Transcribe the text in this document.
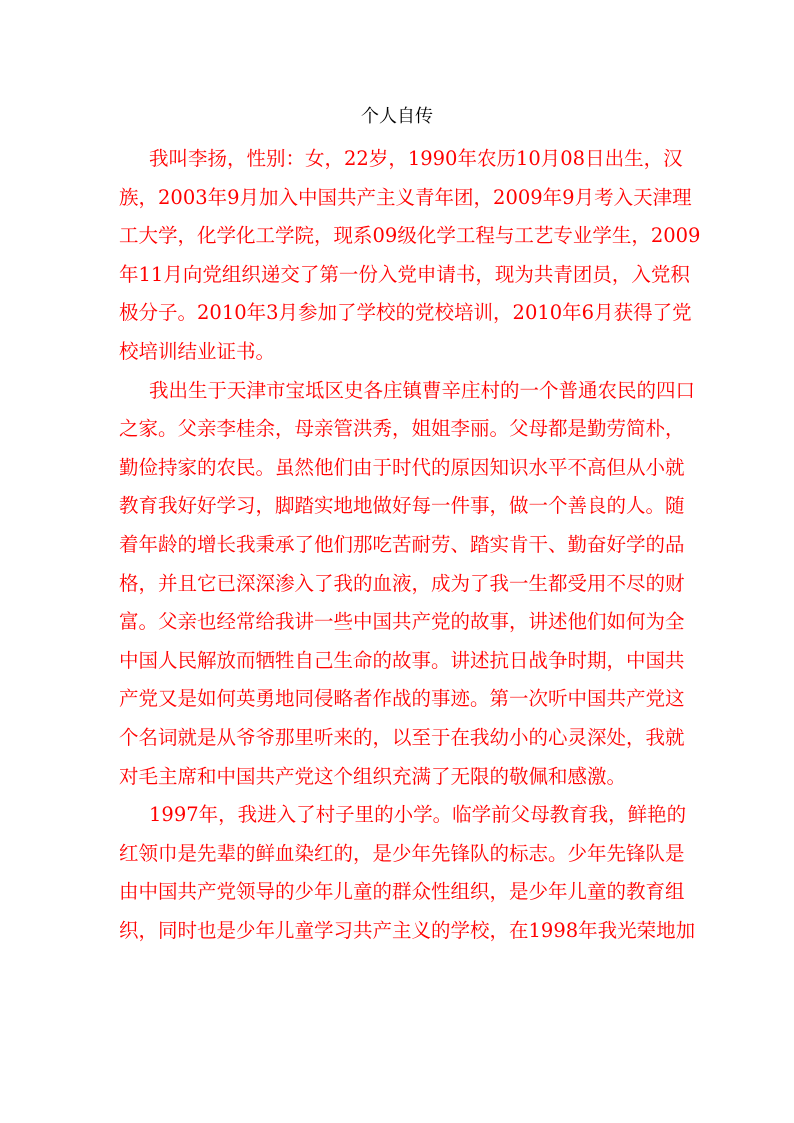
个人自传

我叫李扬，性别：女，22岁，1990年农历10月08日出生，汉
族，2003年9月加入中国共产主义青年团，2009年9月考入天津理
工大学，化学化工学院，现系09级化学工程与工艺专业学生，2009
年11月向党组织递交了第一份入党申请书，现为共青团员，入党积
极分子。2010年3月参加了学校的党校培训，2010年6月获得了党
校培训结业证书。

我出生于天津市宝坻区史各庄镇曹辛庄村的一个普通农民的四口
之家。父亲李桂余，母亲管洪秀，姐姐李丽。父母都是勤劳简朴，
勤俭持家的农民。虽然他们由于时代的原因知识水平不高但从小就
教育我好好学习，脚踏实地地做好每一件事，做一个善良的人。随
着年龄的增长我秉承了他们那吃苦耐劳、踏实肯干、勤奋好学的品
格，并且它已深深渗入了我的血液，成为了我一生都受用不尽的财
富。父亲也经常给我讲一些中国共产党的故事，讲述他们如何为全
中国人民解放而牺牲自己生命的故事。讲述抗日战争时期，中国共
产党又是如何英勇地同侵略者作战的事迹。第一次听中国共产党这
个名词就是从爷爷那里听来的，以至于在我幼小的心灵深处，我就
对毛主席和中国共产党这个组织充满了无限的敬佩和感激。

1997年，我进入了村子里的小学。临学前父母教育我，鲜艳的
红领巾是先辈的鲜血染红的，是少年先锋队的标志。少年先锋队是
由中国共产党领导的少年儿童的群众性组织，是少年儿童的教育组
织，同时也是少年儿童学习共产主义的学校，在1998年我光荣地加
